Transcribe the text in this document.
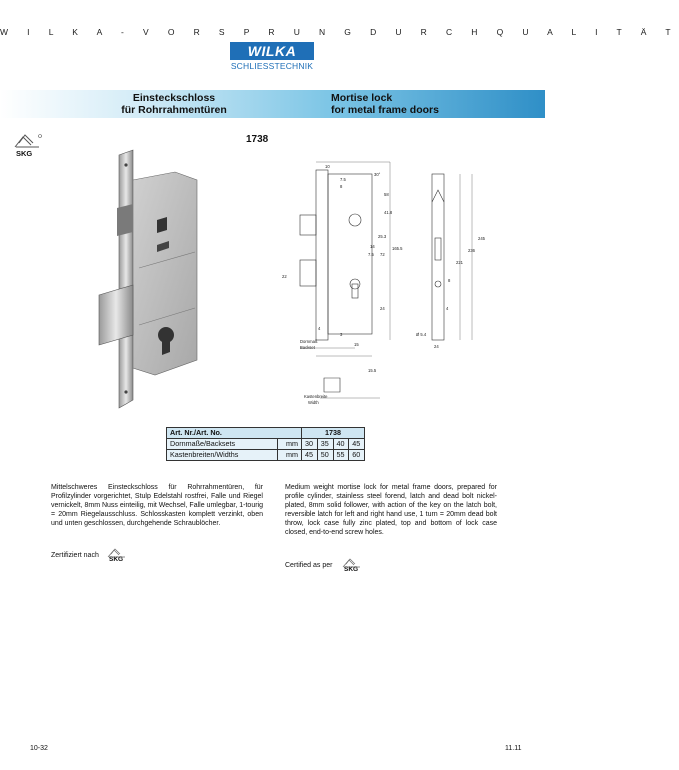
W I L K A - V O R S P R U N G D U R C H Q U A L I T Ä T
WILKA
SCHLIESSTECHNIK
Einsteckschloss
für Rohrrahmentüren
Mortise lock
for metal frame doors
1738
SKG
10
7.5
8
30°
58
41.8
25.3
14
7.5 72
165.5
24
22
15
4
3
221
236
245
4
Ø 5.4
24
15.5
8
Dornmaß
Backset
Kastenbreite
Width
Art. Nr./Art. No.		1738			
Dornmaße/Backsets	mm	30	35	40	45
Kastenbreiten/Widths	mm	45	50	55	60
Mittelschweres Einsteckschloss für Rohrrahmentüren, für Profilzylinder vorgerichtet, Stulp Edelstahl rostfrei, Falle und Riegel vernickelt, 8mm Nuss einteilig, mit Wechsel, Falle umlegbar, 1-tourig = 20mm Riegelausschluss. Schlosskasten komplett verzinkt, oben und unten geschlossen, durchgehende Schraublöcher.
Medium weight mortise lock for metal frame doors, prepared for profile cylinder, stainless steel forend, latch and dead bolt nickel-plated, 8mm solid follower, with action of the key on the latch bolt, reversible latch for left and right hand use, 1 turn = 20mm dead bolt throw, lock case fully zinc plated, top and bottom of lock case closed, end-to-end screw holes.
Zertifiziert nach
SKG
Certified as per
SKG
10-32	11.11
